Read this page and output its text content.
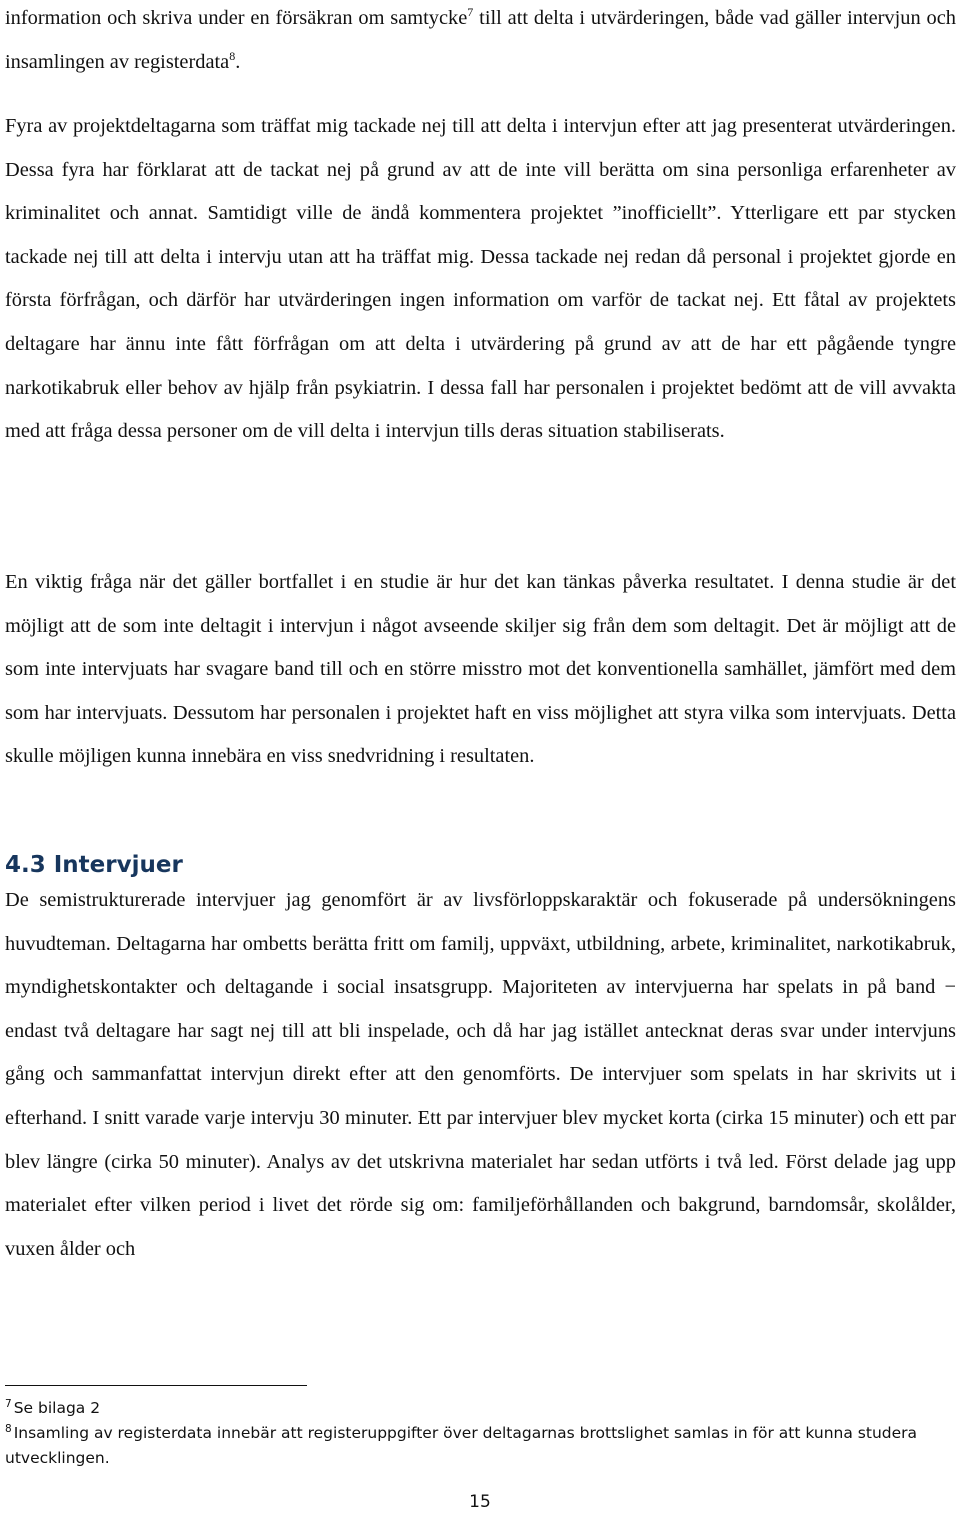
information och skriva under en försäkran om samtycke$^7$ till att delta i utvärderingen, både vad gäller intervjun och insamlingen av registerdata$^8$.

Fyra av projektdeltagarna som träffat mig tackade nej till att delta i intervjun efter att jag presenterat utvärderingen. Dessa fyra har förklarat att de tackat nej på grund av att de inte vill berätta om sina personliga erfarenheter av kriminalitet och annat. Samtidigt ville de ändå kommentera projektet ”inofficiellt”. Ytterligare ett par stycken tackade nej till att delta i intervju utan att ha träffat mig. Dessa tackade nej redan då personal i projektet gjorde en första förfrågan, och därför har utvärderingen ingen information om varför de tackat nej. Ett fåtal av projektets deltagare har ännu inte fått förfrågan om att delta i utvärdering på grund av att de har ett pågående tyngre narkotikabruk eller behov av hjälp från psykiatrin. I dessa fall har personalen i projektet bedömt att de vill avvakta med att fråga dessa personer om de vill delta i intervjun tills deras situation stabiliserats.

En viktig fråga när det gäller bortfallet i en studie är hur det kan tänkas påverka resultatet. I denna studie är det möjligt att de som inte deltagit i intervjun i något avseende skiljer sig från dem som deltagit. Det är möjligt att de som inte intervjuats har svagare band till och en större misstro mot det konventionella samhället, jämfört med dem som har intervjuats. Dessutom har personalen i projektet haft en viss möjlighet att styra vilka som intervjuats. Detta skulle möjligen kunna innebära en viss snedvridning i resultaten.

4.3 Intervjuer

De semistrukturerade intervjuer jag genomfört är av livsförloppskaraktär och fokuserade på undersökningens huvudteman. Deltagarna har ombetts berätta fritt om familj, uppväxt, utbildning, arbete, kriminalitet, narkotikabruk, myndighetskontakter och deltagande i social insatsgrupp. Majoriteten av intervjuerna har spelats in på band − endast två deltagare har sagt nej till att bli inspelade, och då har jag istället antecknat deras svar under intervjuns gång och sammanfattat intervjun direkt efter att den genomförts. De intervjuer som spelats in har skrivits ut i efterhand. I snitt varade varje intervju 30 minuter. Ett par intervjuer blev mycket korta (cirka 15 minuter) och ett par blev längre (cirka 50 minuter). Analys av det utskrivna materialet har sedan utförts i två led. Först delade jag upp materialet efter vilken period i livet det rörde sig om: familjeförhållanden och bakgrund, barndomsår, skolålder, vuxen ålder och

$^7$ Se bilaga 2

$^8$ Insamling av registerdata innebär att registeruppgifter över deltagarnas brottslighet samlas in för att kunna studera utvecklingen.

15
